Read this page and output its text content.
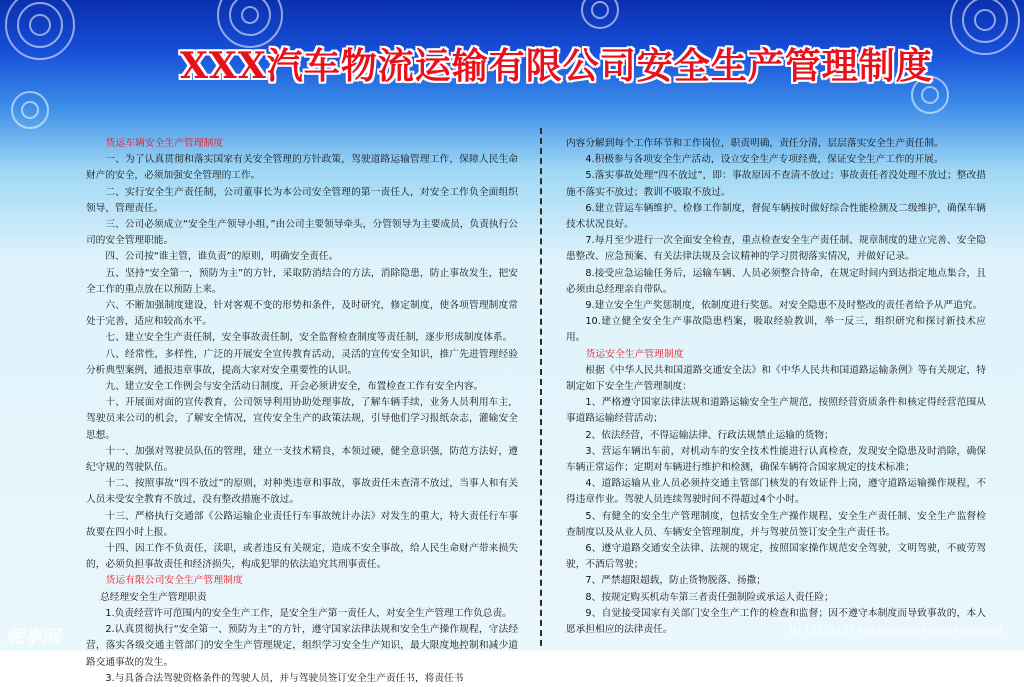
XXX汽车物流运输有限公司安全生产管理制度

货运车辆安全生产管理制度

一、为了认真贯彻和落实国家有关安全管理的方针政策，驾驶道路运输管理工作，保障人民生命财产的安全，必须加强安全管理的工作。

二、实行安全生产责任制，公司董事长为本公司安全管理的第一责任人，对安全工作负全面组织领导，管理责任。

三、公司必须成立“安全生产领导小组，”由公司主要领导牵头，分管领导为主要成员，负责执行公司的安全管理职能。

四、公司按“谁主管，谁负责”的原则，明确安全责任。

五、坚持“安全第一，预防为主”的方针，采取防消结合的方法，消除隐患，防止事故发生，把安全工作的重点放在以预防上来。

六、不断加强制度建设，针对客观不变的形势和条件，及时研究，修定制度，使各项管理制度常处于完善，适应和较高水平。

七、建立安全生产责任制，安全事故责任制，安全监督检查制度等责任制，逐步形成制度体系。

八、经常性，多样性，广泛的开展安全宣传教育活动，灵活的宣传安全知识，推广先进管理经验分析典型案例，通报违章事故，提高大家对安全重要性的认识。

九、建立安全工作例会与安全活动日制度，开会必须讲安全，布置检查工作有安全内容。

十、开展面对面的宣传教育，公司领导利用协助处理事故，了解车辆手续，业务人员利用车主，驾驶员来公司的机会，了解安全情况，宣传安全生产的政策法规，引导他们学习报纸杂志，灌输安全思想。

十一、加强对驾驶员队伍的管理，建立一支技术精良，本领过硬，健全意识强，防范方法好，遵纪守规的驾驶队伍。

十二、按照事故“四不放过”的原则，对种类违章和事故，事故责任未查清不放过，当事人和有关人员未受安全教育不放过，没有整改措施不放过。

十三、严格执行交通部《公路运输企业责任行车事故统计办法》对发生的重大，特大责任行车事故要在四小时上报。

十四、因工作不负责任，渎职，或者违反有关规定，造成不安全事故，给人民生命财产带来损失的，必须负担事故责任和经济损失，构成犯罪的依法追究其刑事责任。

货运有限公司安全生产管理制度

总经理安全生产管理职责

1.负责经营许可范围内的安全生产工作，是安全生产第一责任人，对安全生产管理工作负总责。

2.认真贯彻执行“安全第一、预防为主”的方针，遵守国家法律法规和安全生产操作规程，守法经营，落实各级交通主管部门的安全生产管理规定，组织学习安全生产知识，最大限度地控制和减少道路交通事故的发生。

3.与具备合法驾驶资格条件的驾驶人员，并与驾驶员签订安全生产责任书，将责任书

内容分解到每个工作环节和工作岗位，职责明确，责任分清，层层落实安全生产责任制。

4.积极参与各项安全生产活动，设立安全生产专项经费，保证安全生产工作的开展。

5.落实事故处理“四不放过”，即：事故原因不查清不放过；事故责任者没处理不放过；整改措施不落实不放过；教训不吸取不放过。

6.建立营运车辆维护、检修工作制度，督促车辆按时做好综合性能检测及二级维护，确保车辆技术状况良好。

7.每月至少进行一次全面安全检查，重点检查安全生产责任制、规章制度的建立完善、安全隐患整改、应急预案、有关法律法规及会议精神的学习贯彻落实情况，并做好记录。

8.接受应急运输任务后，运输车辆、人员必须整合待命，在规定时间内到达指定地点集合，且必须由总经理亲自带队。

9.建立安全生产奖惩制度，依制度进行奖惩。对安全隐患不及时整改的责任者给予从严追究。

10.建立健全安全生产事故隐患档案，吸取经验教训，举一反三，组织研究和探讨新技术应用。

货运安全生产管理制度

根据《中华人民共和国道路交通安全法》和《中华人民共和国道路运输条例》等有关规定，特制定如下安全生产管理制度：

1、严格遵守国家法律法规和道路运输安全生产规范，按照经营资质条件和核定得经营范围从事道路运输经营活动；

2、依法经营，不得运输法律、行政法规禁止运输的货物；

3、营运车辆出车前，对机动车的安全技术性能进行认真检查，发现安全隐患及时消除，确保车辆正常运作；定期对车辆进行维护和检测，确保车辆符合国家规定的技术标准；

4、道路运输从业人员必须持交通主管部门核发的有效证件上岗，遵守道路运输操作规程，不得违章作业。驾驶人员连续驾驶时间不得超过4个小时。

5、有健全的安全生产管理制度，包括安全生产操作规程、安全生产责任制、安全生产监督检查制度以及从业人员、车辆安全管理制度，并与驾驶员签订安全生产责任书。

6、遵守道路交通安全法律、法规的规定，按照国家操作规范安全驾驶，文明驾驶，不疲劳驾驶，不酒后驾驶；

7、严禁超限超载，防止货物脱落、扬撒；

8、按规定购买机动车第三者责任强制险或承运人责任险；

9、自觉接受国家有关部门安全生产工作的检查和监督；因不遵守本制度而导致事故的，本人愿承担相应的法律责任。

昵享网	ID:13232133 NO:20200904090546836001
